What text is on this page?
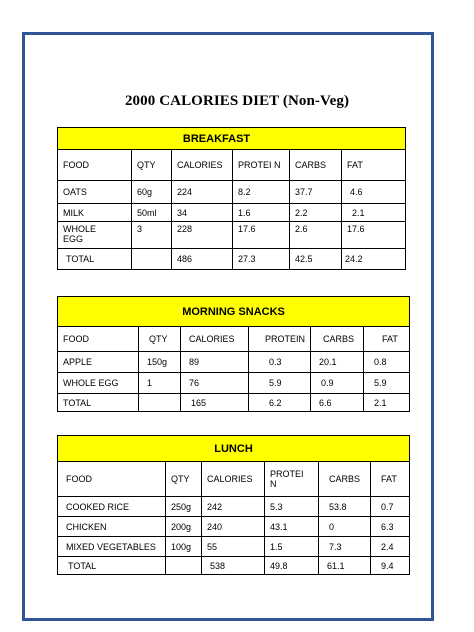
2000 CALORIES DIET (Non-Veg)
BREAKFAST					
FOOD	QTY	CALORIES	PROTEI N	CARBS	FAT
OATS	60g	224	8.2	37.7	4.6
MILK	50ml	34	1.6	2.2	2.1
WHOLE EGG	3	228	17.6	2.6	17.6
TOTAL		486	27.3	42.5	24.2
MORNING SNACKS					
FOOD	QTY	CALORIES	PROTEIN	CARBS	FAT
APPLE	150g	89	0.3	20.1	0.8
WHOLE EGG	1	76	5.9	0.9	5.9
TOTAL		165	6.2	6.6	2.1
LUNCH					
FOOD	QTY	CALORIES	PROTEI N	CARBS	FAT
COOKED RICE	250g	242	5.3	53.8	0.7
CHICKEN	200g	240	43.1	0	6.3
MIXED VEGETABLES	100g	55	1.5	7.3	2.4
TOTAL		538	49.8	61.1	9.4
